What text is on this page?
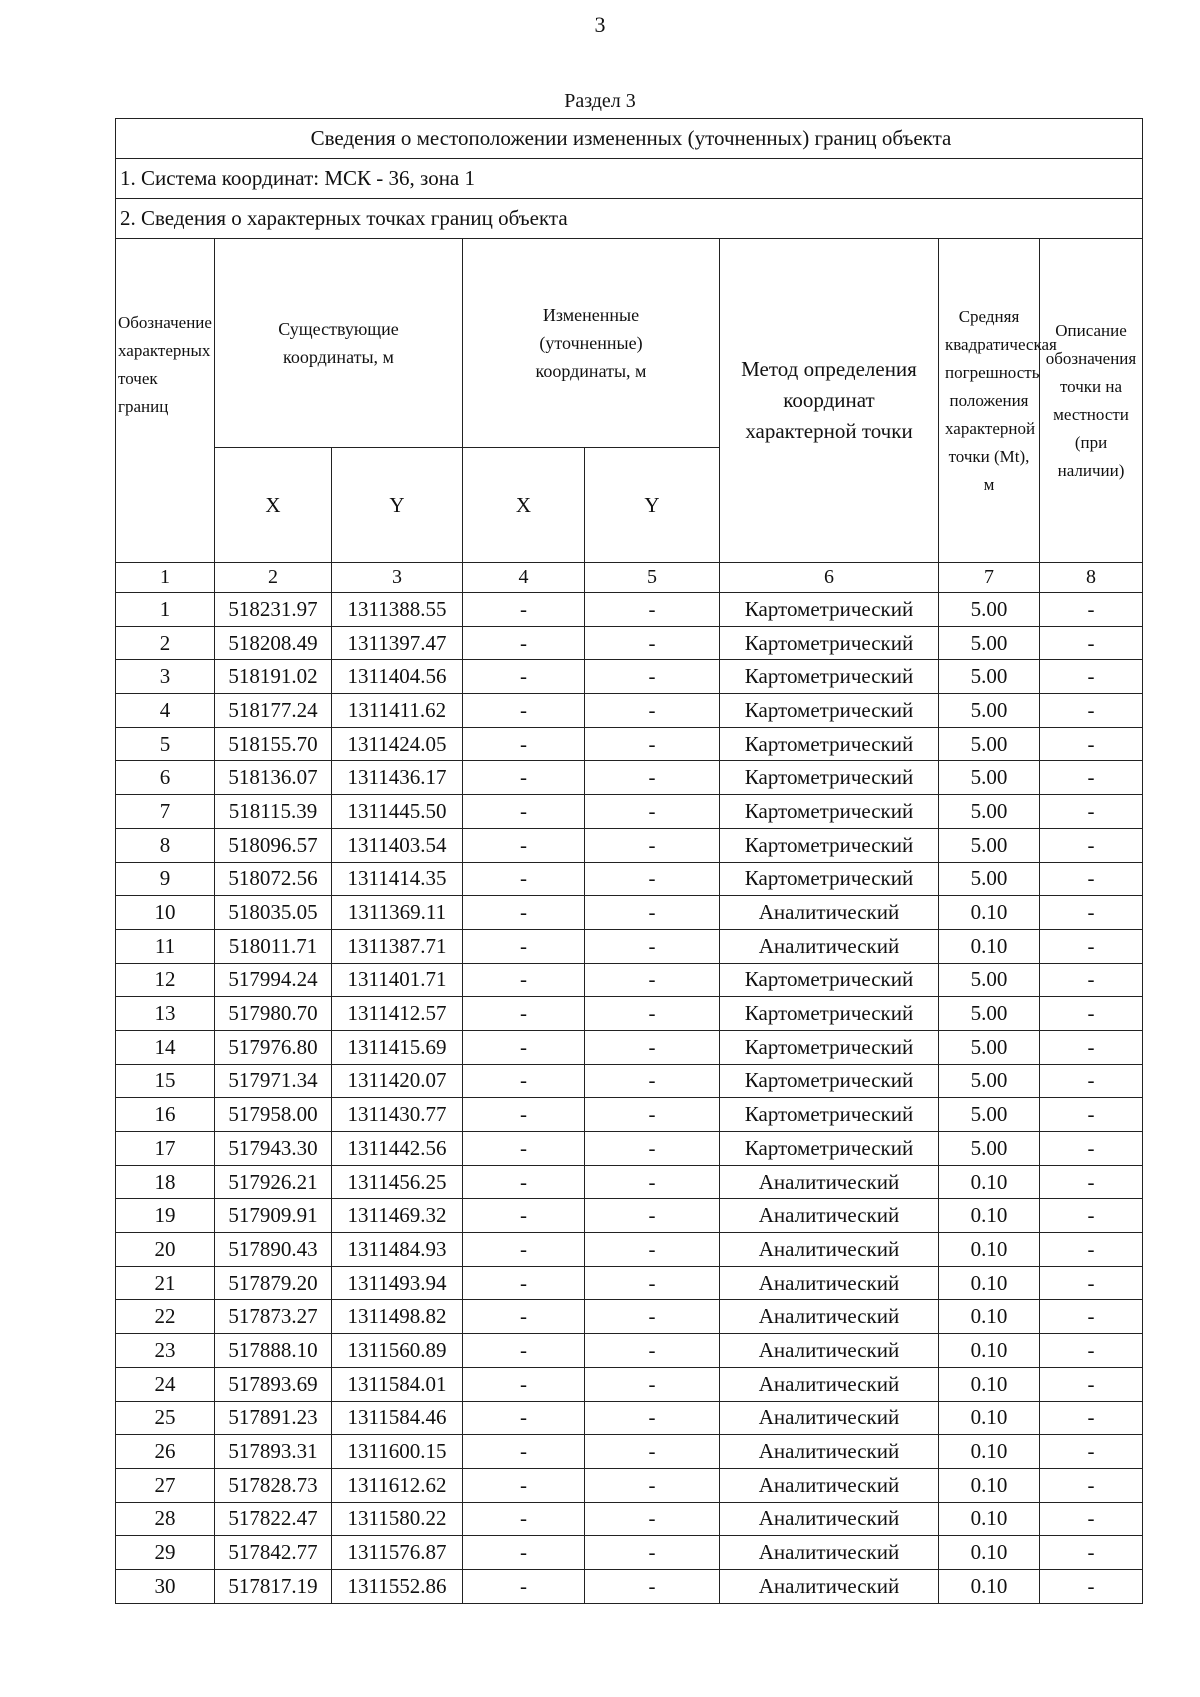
3
Раздел 3
Сведения о местоположении измененных (уточненных) границ объекта							
1. Система координат: МСК - 36, зона 1							
2. Сведения о характерных точках границ объекта							
Обозначение характерных точек границ	Существующие координаты, м		Измененные (уточненные) координаты, м		Метод определения координат характерной точки	Средняя квадратическая погрешность положения характерной точки (Mt), м	Описание обозначения точки на местности (при наличии)
	X	Y	X	Y			
1	2	3	4	5	6	7	8
1	518231.97	1311388.55	-	-	Картометрический	5.00	-
2	518208.49	1311397.47	-	-	Картометрический	5.00	-
3	518191.02	1311404.56	-	-	Картометрический	5.00	-
4	518177.24	1311411.62	-	-	Картометрический	5.00	-
5	518155.70	1311424.05	-	-	Картометрический	5.00	-
6	518136.07	1311436.17	-	-	Картометрический	5.00	-
7	518115.39	1311445.50	-	-	Картометрический	5.00	-
8	518096.57	1311403.54	-	-	Картометрический	5.00	-
9	518072.56	1311414.35	-	-	Картометрический	5.00	-
10	518035.05	1311369.11	-	-	Аналитический	0.10	-
11	518011.71	1311387.71	-	-	Аналитический	0.10	-
12	517994.24	1311401.71	-	-	Картометрический	5.00	-
13	517980.70	1311412.57	-	-	Картометрический	5.00	-
14	517976.80	1311415.69	-	-	Картометрический	5.00	-
15	517971.34	1311420.07	-	-	Картометрический	5.00	-
16	517958.00	1311430.77	-	-	Картометрический	5.00	-
17	517943.30	1311442.56	-	-	Картометрический	5.00	-
18	517926.21	1311456.25	-	-	Аналитический	0.10	-
19	517909.91	1311469.32	-	-	Аналитический	0.10	-
20	517890.43	1311484.93	-	-	Аналитический	0.10	-
21	517879.20	1311493.94	-	-	Аналитический	0.10	-
22	517873.27	1311498.82	-	-	Аналитический	0.10	-
23	517888.10	1311560.89	-	-	Аналитический	0.10	-
24	517893.69	1311584.01	-	-	Аналитический	0.10	-
25	517891.23	1311584.46	-	-	Аналитический	0.10	-
26	517893.31	1311600.15	-	-	Аналитический	0.10	-
27	517828.73	1311612.62	-	-	Аналитический	0.10	-
28	517822.47	1311580.22	-	-	Аналитический	0.10	-
29	517842.77	1311576.87	-	-	Аналитический	0.10	-
30	517817.19	1311552.86	-	-	Аналитический	0.10	-
